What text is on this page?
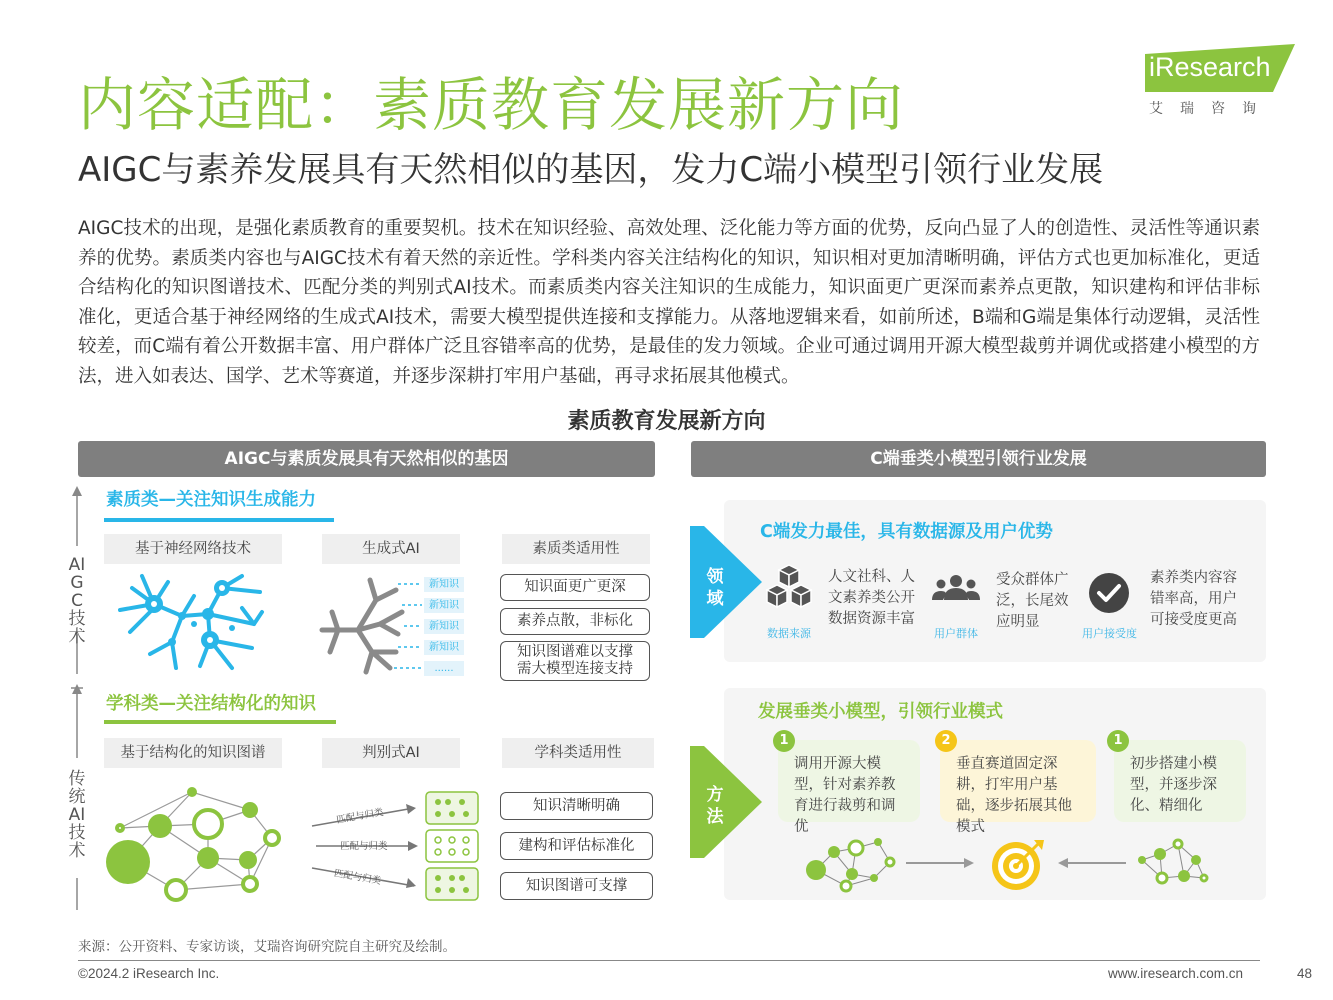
内容适配：素质教育发展新方向
AIGC与素养发展具有天然相似的基因，发力C端小模型引领行业发展
iResearch
艾瑞咨询
AIGC技术的出现，是强化素质教育的重要契机。技术在知识经验、高效处理、泛化能力等方面的优势，反向凸显了人的创造性、灵活性等通识素养的优势。素质类内容也与AIGC技术有着天然的亲近性。学科类内容关注结构化的知识，知识相对更加清晰明确，评估方式也更加标准化，更适合结构化的知识图谱技术、匹配分类的判别式AI技术。而素质类内容关注知识的生成能力，知识面更广更深而素养点更散，知识建构和评估非标准化，更适合基于神经网络的生成式AI技术，需要大模型提供连接和支撑能力。从落地逻辑来看，如前所述，B端和G端是集体行动逻辑，灵活性较差，而C端有着公开数据丰富、用户群体广泛且容错率高的优势，是最佳的发力领域。企业可通过调用开源大模型裁剪并调优或搭建小模型的方法，进入如表达、国学、艺术等赛道，并逐步深耕打牢用户基础，再寻求拓展其他模式。
素质教育发展新方向
AIGC与素质发展具有天然相似的基因	C端垂类小模型引领行业发展
AIGC技术
传统AI技术
素质类—关注知识生成能力
基于神经网络技术	生成式AI	素质类适用性
新知识
新知识
新知识
新知识
......
知识面更广更深
素养点散，非标化
知识图谱难以支撑
需大模型连接支持
学科类—关注结构化的知识
基于结构化的知识图谱	判别式AI	学科类适用性
匹配与归类
匹配与归类
匹配与归类
知识清晰明确
建构和评估标准化
知识图谱可支撑
领域
C端发力最佳，具有数据源及用户优势
数据来源
人文社科、人文素养类公开数据资源丰富
用户群体
受众群体广泛，长尾效应明显
用户接受度
素养类内容容错率高，用户可接受度更高
方法
发展垂类小模型，引领行业模式
调用开源大模型，针对素养教育进行裁剪和调优
1
垂直赛道固定深耕，打牢用户基础，逐步拓展其他模式
2
初步搭建小模型，并逐步深化、精细化
1
来源：公开资料、专家访谈，艾瑞咨询研究院自主研究及绘制。
©2024.2 iResearch Inc.	www.iresearch.com.cn	48
